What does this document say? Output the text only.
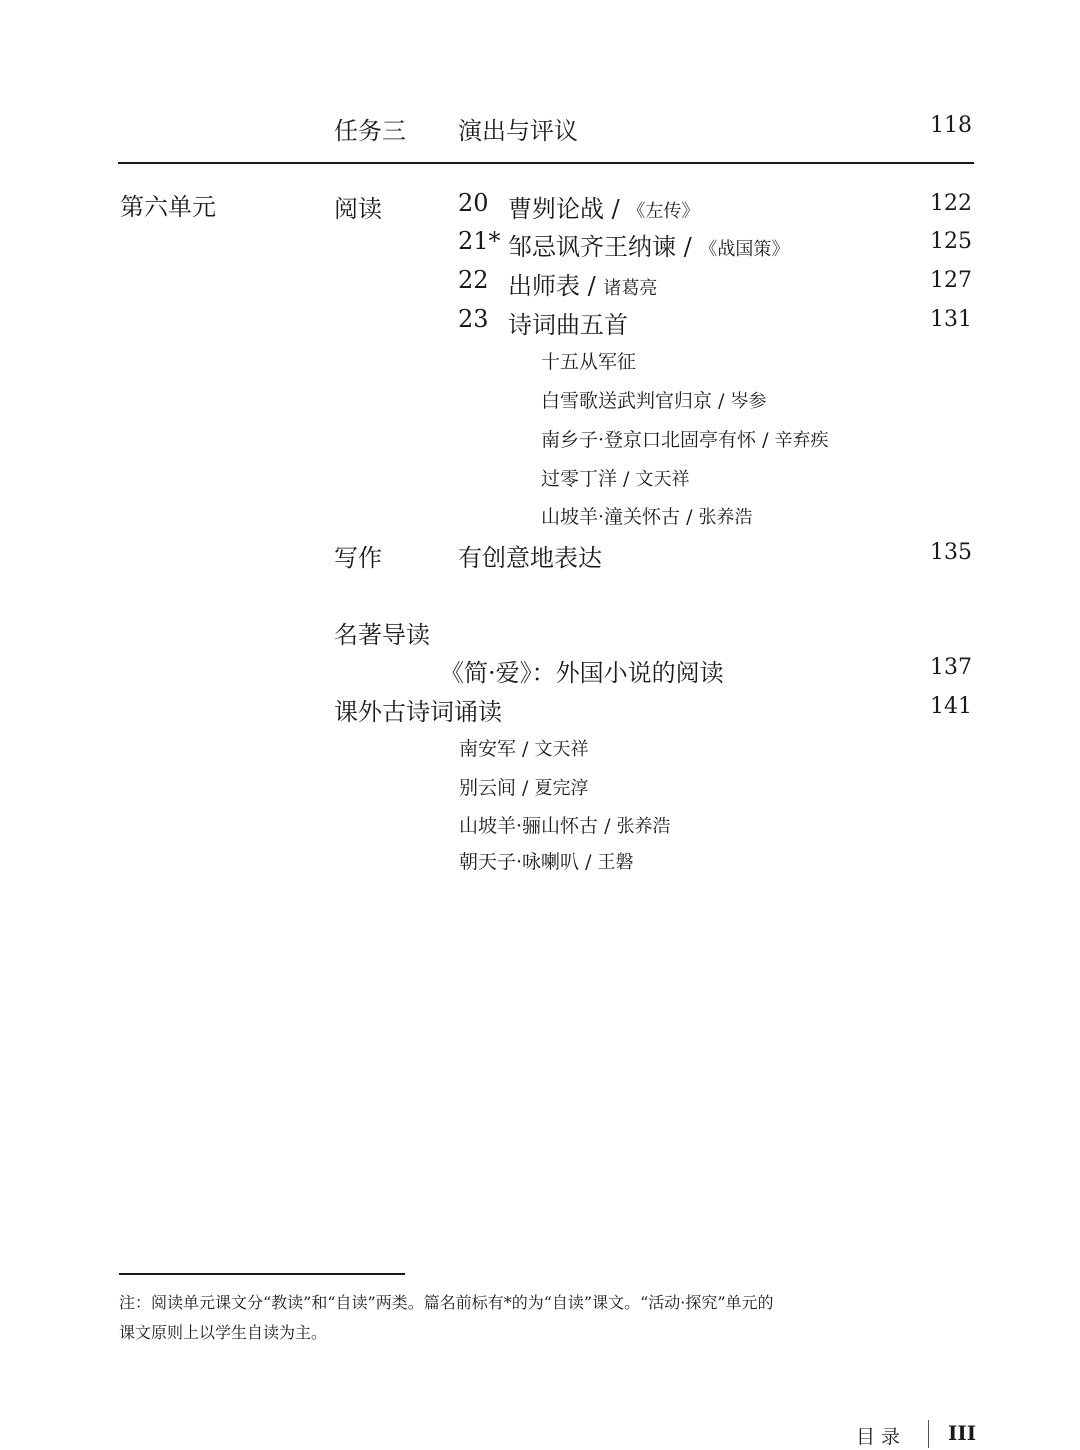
任务三 演出与评议	118
第六单元	阅读	20 曹刿论战 / 《左传》	122
21* 邹忌讽齐王纳谏 / 《战国策》	125
22 出师表 / 诸葛亮	127
23 诗词曲五首	131
十五从军征
白雪歌送武判官归京 / 岑参
南乡子·登京口北固亭有怀 / 辛弃疾
过零丁洋 / 文天祥
山坡羊·潼关怀古 / 张养浩
写作	有创意地表达	135
名著导读
《简·爱》：外国小说的阅读	137
课外古诗词诵读	141
南安军 / 文天祥
别云间 / 夏完淳
山坡羊·骊山怀古 / 张养浩
朝天子·咏喇叭 / 王磐
注：阅读单元课文分“教读”和“自读”两类。篇名前标有*的为“自读”课文。“活动·探究”单元的
课文原则上以学生自读为主。
目 录 III
